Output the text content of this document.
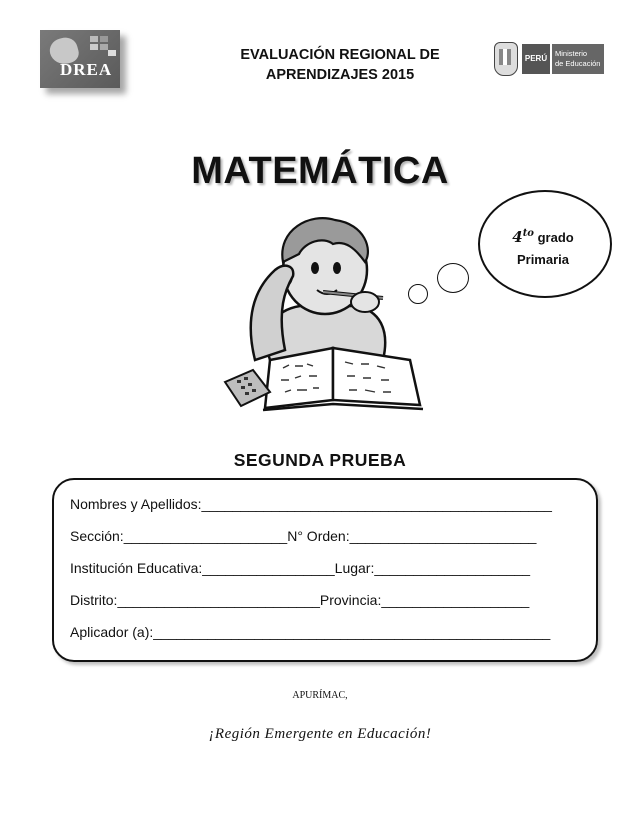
DREA
EVALUACIÓN REGIONAL DE
APRENDIZAJES 2015
PERÚ
Ministerio
de Educación
MATEMÁTICA
$4^{to}$ grado
Primaria
SEGUNDA PRUEBA
Nombres y Apellidos:_____________________________________________
Sección:_____________________N° Orden:________________________
Institución Educativa:_________________Lugar:____________________
Distrito:__________________________Provincia:___________________
Aplicador (a):___________________________________________________
APURÍMAC,
¡Región Emergente en Educación!
